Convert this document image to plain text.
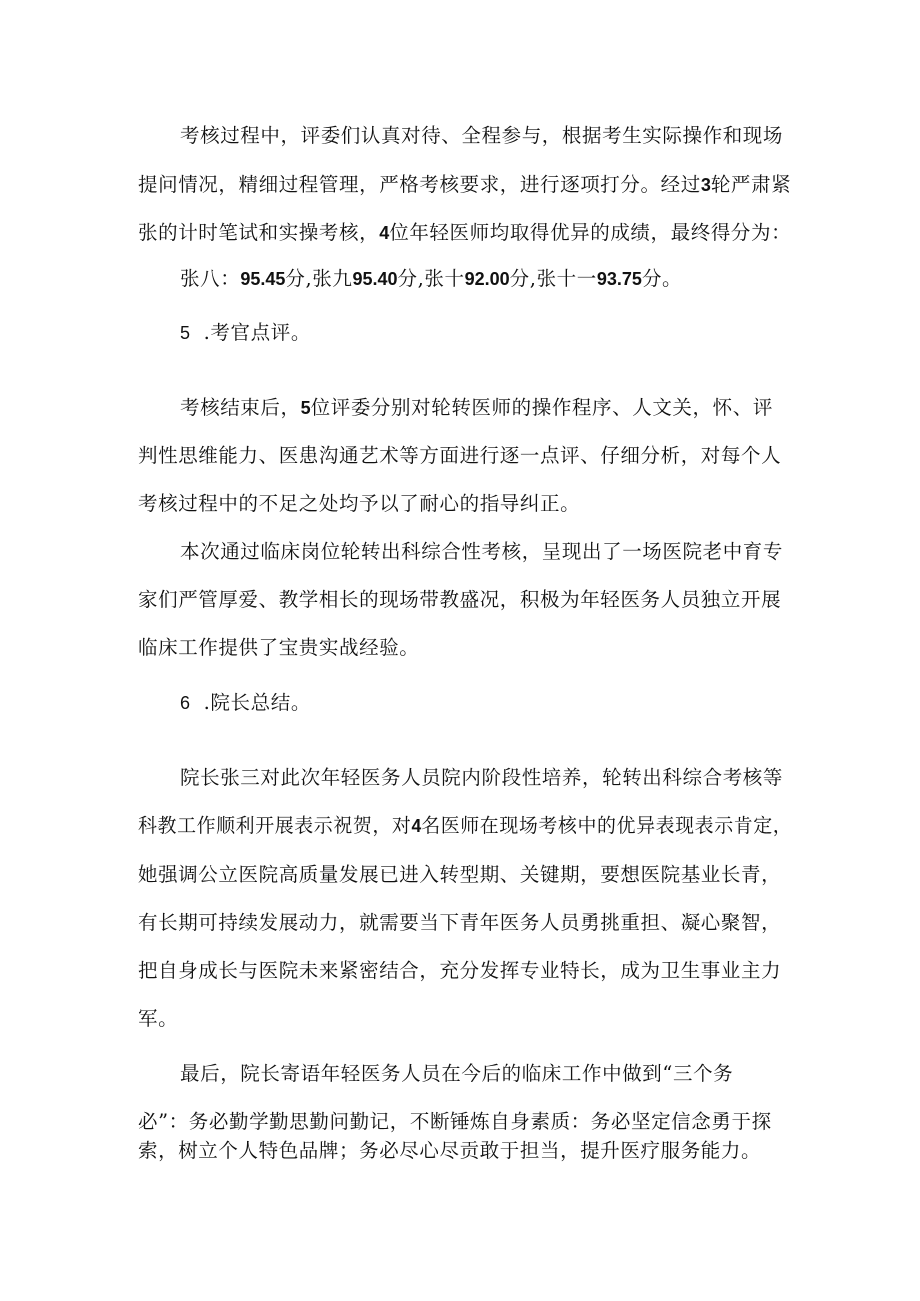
考核过程中，评委们认真对待、全程参与，根据考生实际操作和现场
提问情况，精细过程管理，严格考核要求，进行逐项打分。经过3轮严肃紧
张的计时笔试和实操考核，4位年轻医师均取得优异的成绩，最终得分为：
张八：95.45分,张九95.40分,张十92.00分,张十一93.75分。
5 .考官点评。
考核结束后，5位评委分别对轮转医师的操作程序、人文关，怀、评
判性思维能力、医患沟通艺术等方面进行逐一点评、仔细分析，对每个人
考核过程中的不足之处均予以了耐心的指导纠正。
本次通过临床岗位轮转出科综合性考核，呈现出了一场医院老中育专
家们严管厚爱、教学相长的现场带教盛况，积极为年轻医务人员独立开展
临床工作提供了宝贵实战经验。
6 .院长总结。
院长张三对此次年轻医务人员院内阶段性培养，轮转出科综合考核等
科教工作顺利开展表示祝贺，对4名医师在现场考核中的优异表现表示肯定，
她强调公立医院高质量发展已进入转型期、关键期，要想医院基业长青，
有长期可持续发展动力，就需要当下青年医务人员勇挑重担、凝心聚智，
把自身成长与医院未来紧密结合，充分发挥专业特长，成为卫生事业主力
军。
最后，院长寄语年轻医务人员在今后的临床工作中做到“三个务
必”：务必勤学勤思勤问勤记，不断锤炼自身素质：务必坚定信念勇于探
索，树立个人特色品牌；务必尽心尽贡敢于担当，提升医疗服务能力。
